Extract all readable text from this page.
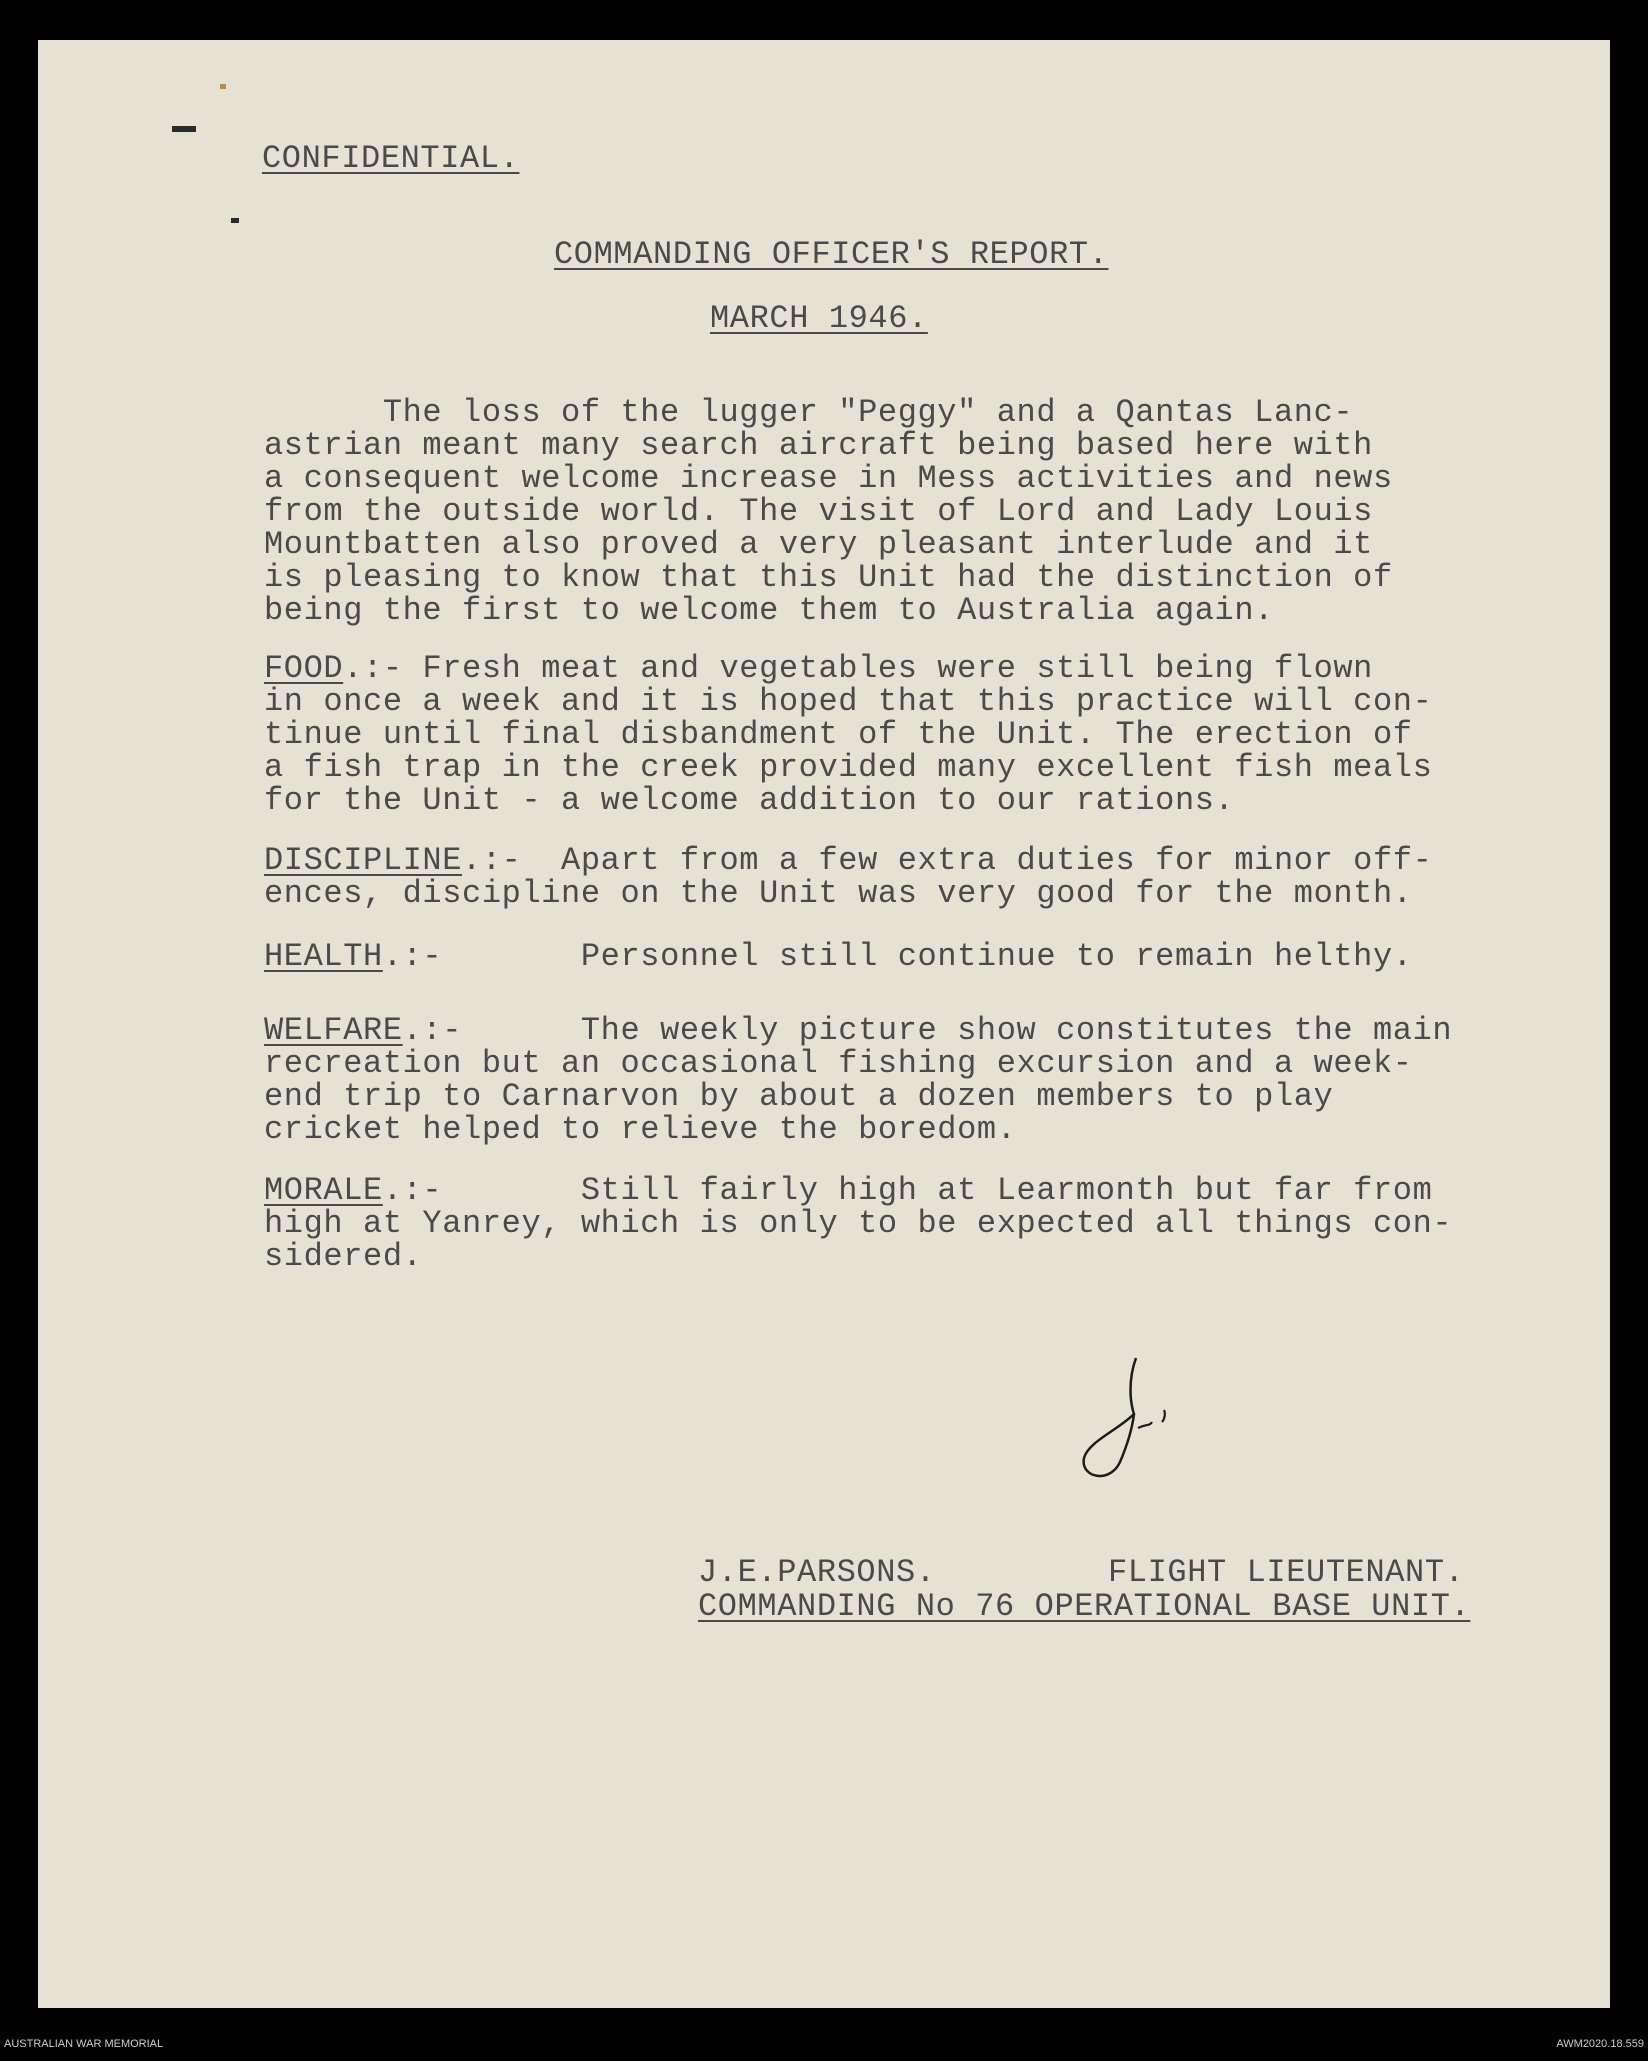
CONFIDENTIAL.
COMMANDING OFFICER'S REPORT.
MARCH 1946.
The loss of the lugger "Peggy" and a Qantas Lanc-
astrian meant many search aircraft being based here with
a consequent welcome increase in Mess activities and news
from the outside world. The visit of Lord and Lady Louis
Mountbatten also proved a very pleasant interlude and it
is pleasing to know that this Unit had the distinction of
being the first to welcome them to Australia again.
FOOD.:- Fresh meat and vegetables were still being flown
in once a week and it is hoped that this practice will con-
tinue until final disbandment of the Unit. The erection of
a fish trap in the creek provided many excellent fish meals
for the Unit - a welcome addition to our rations.
DISCIPLINE.:-  Apart from a few extra duties for minor off-
ences, discipline on the Unit was very good for the month.
HEALTH.:-       Personnel still continue to remain helthy.
WELFARE.:-      The weekly picture show constitutes the main
recreation but an occasional fishing excursion and a week-
end trip to Carnarvon by about a dozen members to play
cricket helped to relieve the boredom.
MORALE.:-       Still fairly high at Learmonth but far from
high at Yanrey, which is only to be expected all things con-
sidered.
J.E.PARSONS.	FLIGHT LIEUTENANT.
COMMANDING No 76 OPERATIONAL BASE UNIT.
AUSTRALIAN WAR MEMORIAL	AWM2020.18.559
